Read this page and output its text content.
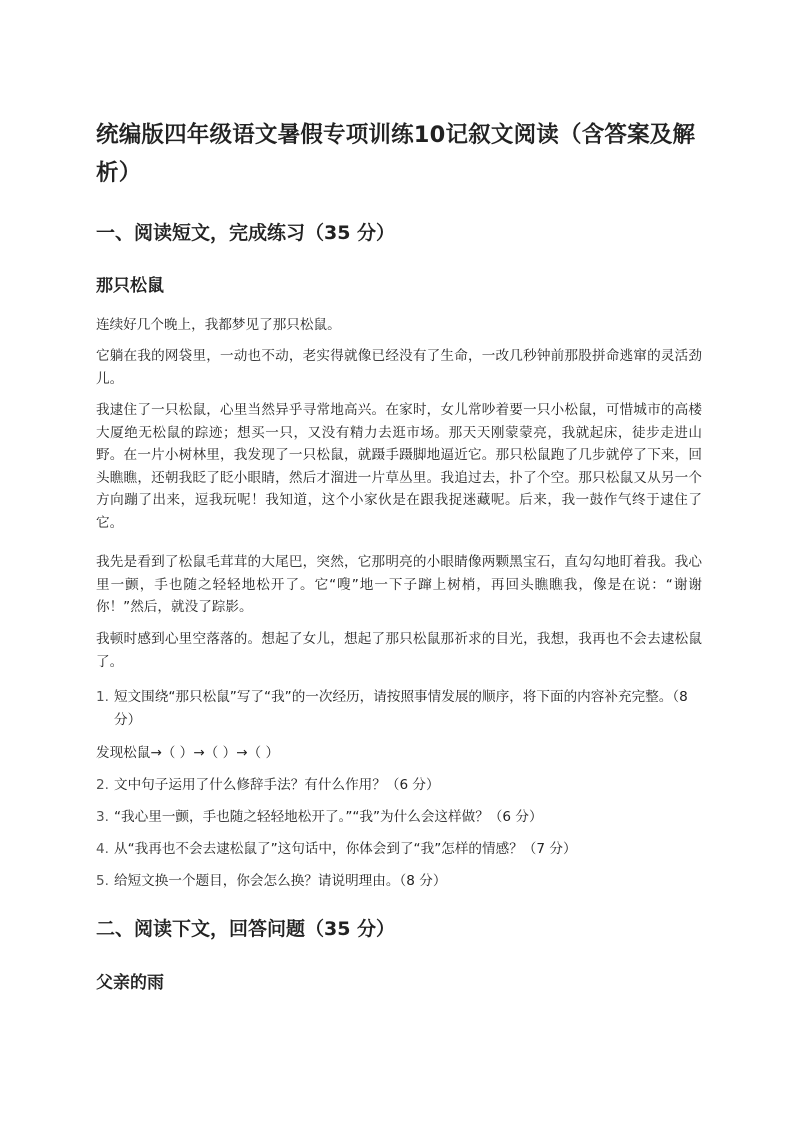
统编版四年级语文暑假专项训练10记叙文阅读（含答案及解析）
一、阅读短文，完成练习（35 分）
那只松鼠

连续好几个晚上，我都梦见了那只松鼠。

它躺在我的网袋里，一动也不动，老实得就像已经没有了生命，一改几秒钟前那股拼命逃窜的灵活劲儿。

我逮住了一只松鼠，心里当然异乎寻常地高兴。在家时，女儿常吵着要一只小松鼠，可惜城市的高楼大厦绝无松鼠的踪迹；想买一只，又没有精力去逛市场。那天天刚蒙蒙亮，我就起床，徒步走进山野。在一片小树林里，我发现了一只松鼠，就蹑手蹑脚地逼近它。那只松鼠跑了几步就停了下来，回头瞧瞧，还朝我眨了眨小眼睛，然后才溜进一片草丛里。我追过去，扑了个空。那只松鼠又从另一个方向蹦了出来，逗我玩呢！我知道，这个小家伙是在跟我捉迷藏呢。后来，我一鼓作气终于逮住了它。

我先是看到了松鼠毛茸茸的大尾巴，突然，它那明亮的小眼睛像两颗黑宝石，直勾勾地盯着我。我心里一颤，手也随之轻轻地松开了。它“嗖”地一下子蹿上树梢，再回头瞧瞧我，像是在说：“谢谢你！”然后，就没了踪影。

我顿时感到心里空落落的。想起了女儿，想起了那只松鼠那祈求的目光，我想，我再也不会去逮松鼠了。

1. 短文围绕“那只松鼠”写了“我”的一次经历，请按照事情发展的顺序，将下面的内容补充完整。（8 分）

发现松鼠→（ ）→（ ）→（ ）

2. 文中句子运用了什么修辞手法？有什么作用？（6 分）
3. “我心里一颤，手也随之轻轻地松开了。”“我”为什么会这样做？（6 分）
4. 从“我再也不会去逮松鼠了”这句话中，你体会到了“我”怎样的情感？（7 分）
5. 给短文换一个题目，你会怎么换？请说明理由。（8 分）
二、阅读下文，回答问题（35 分）
父亲的雨
